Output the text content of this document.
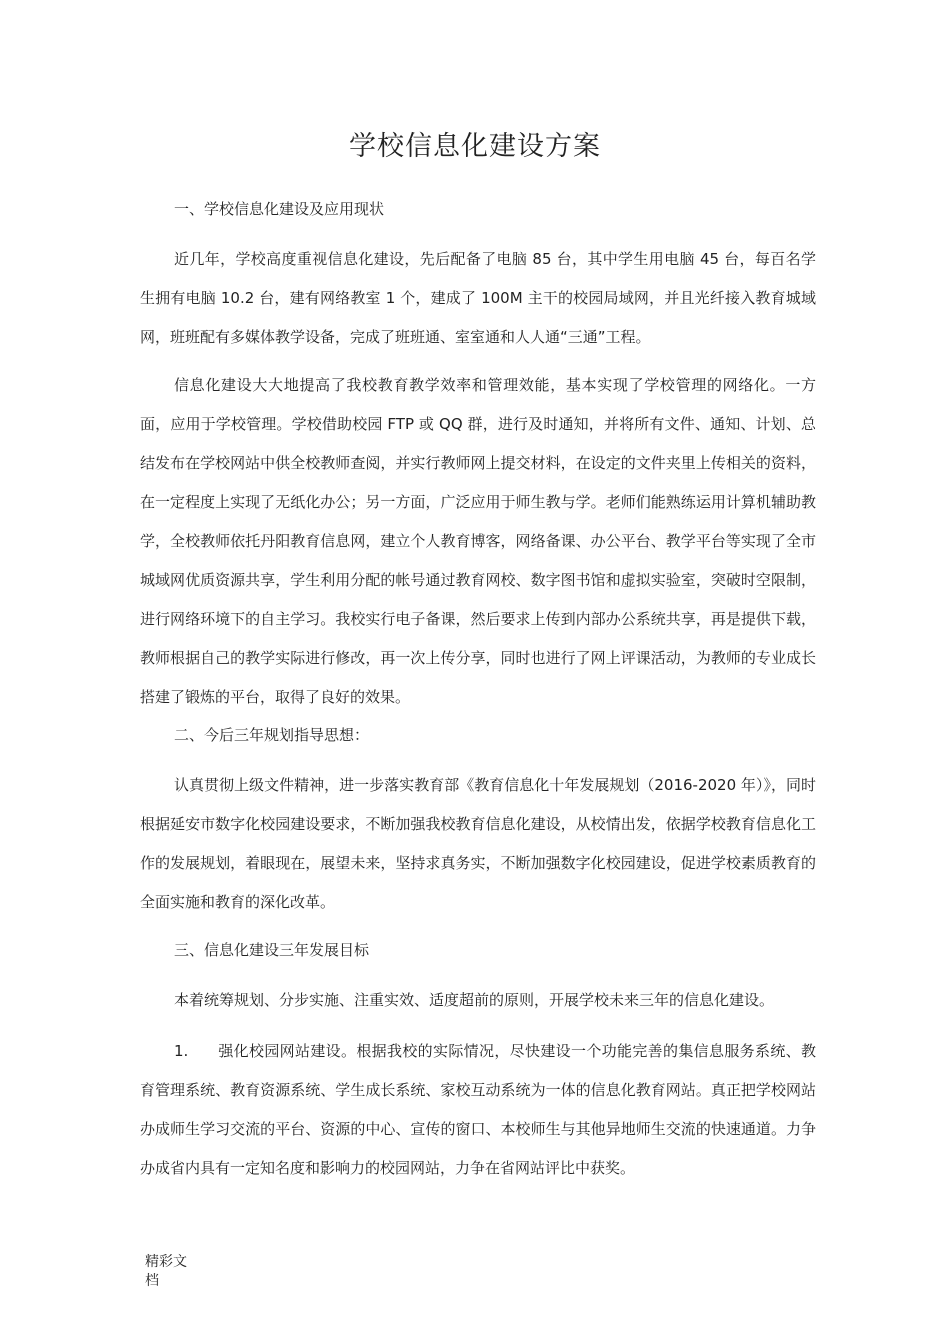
学校信息化建设方案

一、学校信息化建设及应用现状

近几年，学校高度重视信息化建设，先后配备了电脑 85 台，其中学生用电脑 45 台，每百名学生拥有电脑 10.2 台，建有网络教室 1 个，建成了 100M 主干的校园局域网，并且光纤接入教育城域网，班班配有多媒体教学设备，完成了班班通、室室通和人人通“三通”工程。

信息化建设大大地提高了我校教育教学效率和管理效能，基本实现了学校管理的网络化。一方面，应用于学校管理。学校借助校园 FTP 或 QQ 群，进行及时通知，并将所有文件、通知、计划、总结发布在学校网站中供全校教师查阅，并实行教师网上提交材料，在设定的文件夹里上传相关的资料，在一定程度上实现了无纸化办公；另一方面，广泛应用于师生教与学。老师们能熟练运用计算机辅助教学，全校教师依托丹阳教育信息网，建立个人教育博客，网络备课、办公平台、教学平台等实现了全市城域网优质资源共享，学生利用分配的帐号通过教育网校、数字图书馆和虚拟实验室，突破时空限制，进行网络环境下的自主学习。我校实行电子备课，然后要求上传到内部办公系统共享，再是提供下载，教师根据自己的教学实际进行修改，再一次上传分享，同时也进行了网上评课活动，为教师的专业成长搭建了锻炼的平台，取得了良好的效果。

二、今后三年规划指导思想：

认真贯彻上级文件精神，进一步落实教育部《教育信息化十年发展规划（2016-2020 年）》，同时根据延安市数字化校园建设要求，不断加强我校教育信息化建设，从校情出发，依据学校教育信息化工作的发展规划，着眼现在，展望未来，坚持求真务实，不断加强数字化校园建设，促进学校素质教育的全面实施和教育的深化改革。

三、信息化建设三年发展目标

本着统筹规划、分步实施、注重实效、适度超前的原则，开展学校未来三年的信息化建设。

1. 强化校园网站建设。根据我校的实际情况，尽快建设一个功能完善的集信息服务系统、教育管理系统、教育资源系统、学生成长系统、家校互动系统为一体的信息化教育网站。真正把学校网站办成师生学习交流的平台、资源的中心、宣传的窗口、本校师生与其他异地师生交流的快速通道。力争办成省内具有一定知名度和影响力的校园网站，力争在省网站评比中获奖。

精彩文档
